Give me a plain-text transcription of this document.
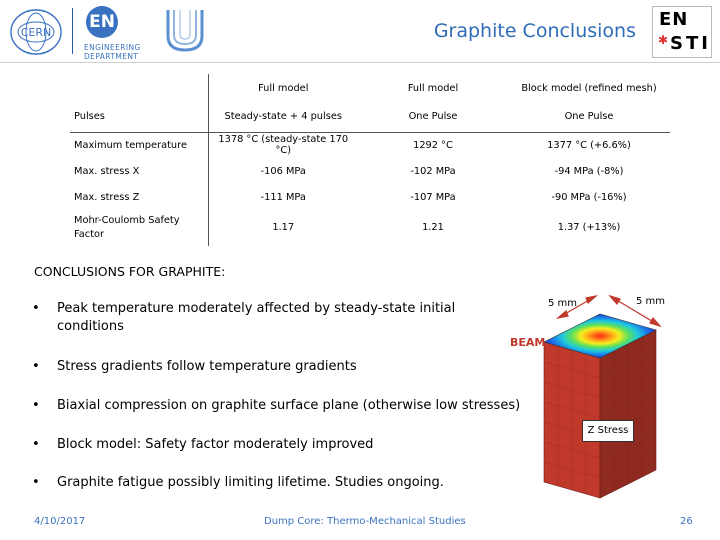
CERN
EN
ENGINEERING
DEPARTMENT
Graphite Conclusions
EN
✱ STI
	Full model	Full model	Block model (refined mesh)
Pulses	Steady-state + 4 pulses	One Pulse	One Pulse
Maximum temperature	1378 °C (steady-state 170 °C)	1292 °C	1377 °C (+6.6%)
Max. stress X	-106 MPa	-102 MPa	-94 MPa (-8%)
Max. stress Z	-111 MPa	-107 MPa	-90 MPa (-16%)
Mohr-Coulomb Safety Factor	1.17	1.21	1.37 (+13%)
CONCLUSIONS FOR GRAPHITE:
• Peak temperature moderately affected by steady-state initial conditions
• Stress gradients follow temperature gradients
• Biaxial compression on graphite surface plane (otherwise low stresses)
• Block model: Safety factor moderately improved
• Graphite fatigue possibly limiting lifetime. Studies ongoing.
5 mm	5 mm
BEAM
Z Stress
4/10/2017	Dump Core: Thermo-Mechanical Studies	26
